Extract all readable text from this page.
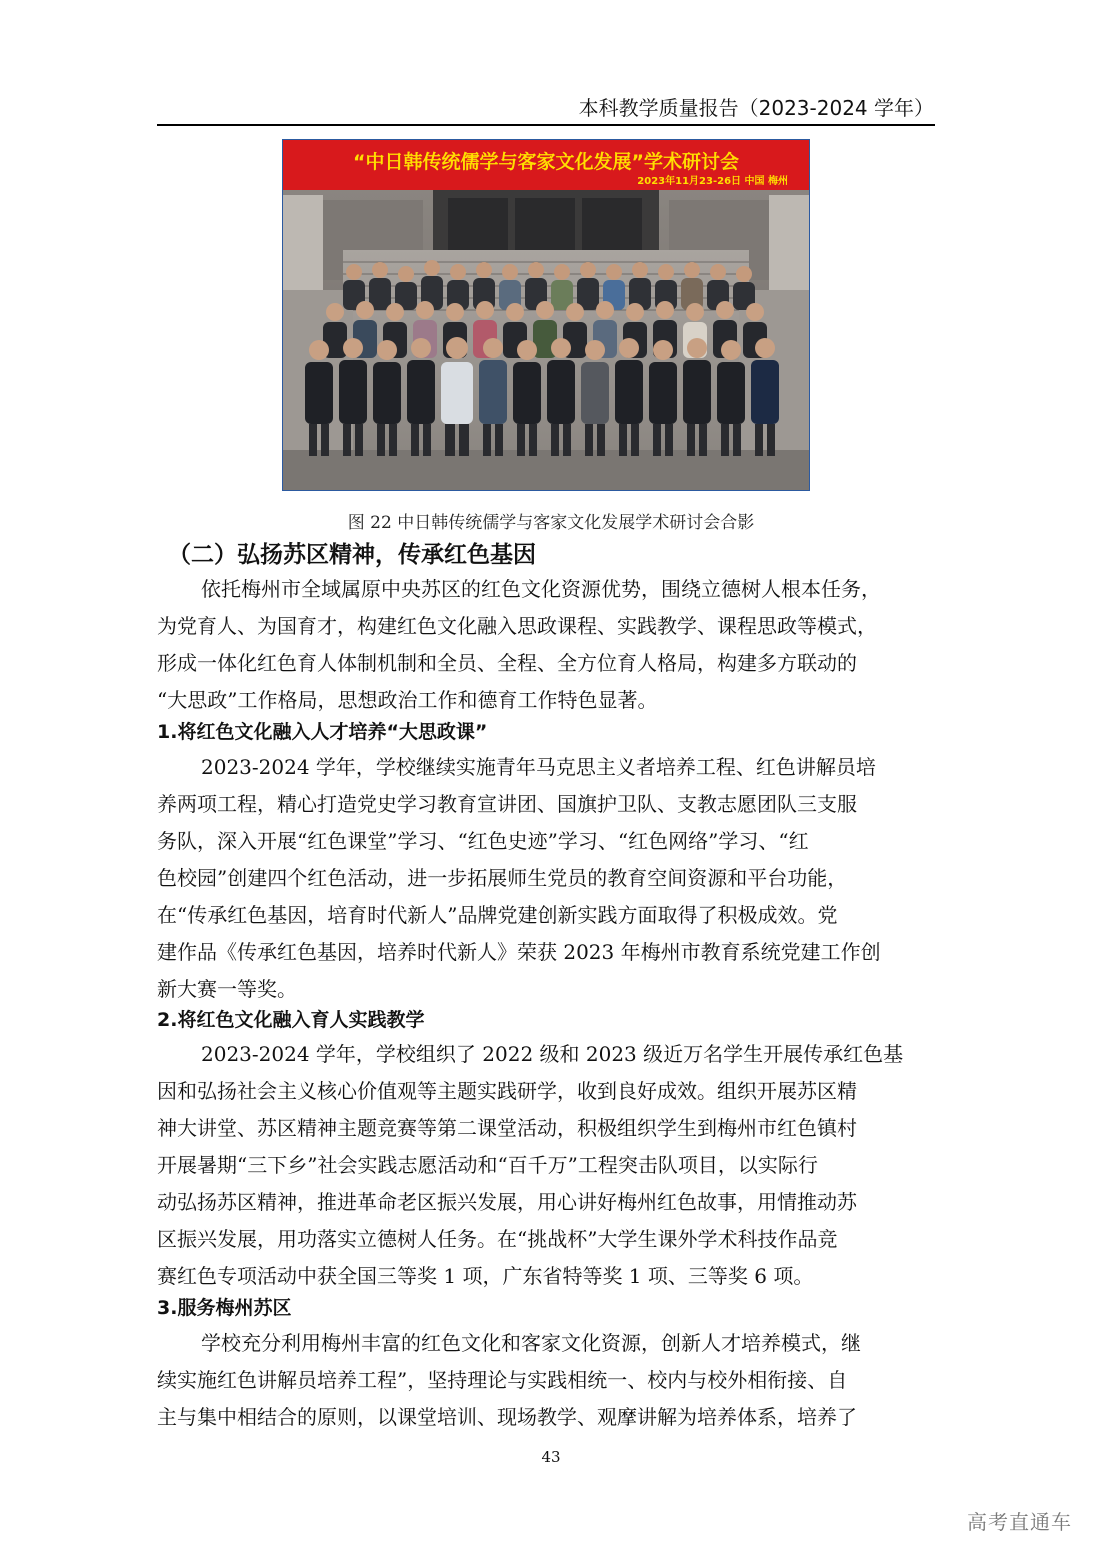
本科教学质量报告（2023-2024 学年）
“中日韩传统儒学与客家文化发展”学术研讨会
2023年11月23-26日 中国 梅州
图 22 中日韩传统儒学与客家文化发展学术研讨会合影
（二）弘扬苏区精神，传承红色基因
依托梅州市全域属原中央苏区的红色文化资源优势，围绕立德树人根本任务，
为党育人、为国育才，构建红色文化融入思政课程、实践教学、课程思政等模式，
形成一体化红色育人体制机制和全员、全程、全方位育人格局，构建多方联动的
“大思政”工作格局，思想政治工作和德育工作特色显著。
1.将红色文化融入人才培养“大思政课”
2023-2024 学年，学校继续实施青年马克思主义者培养工程、红色讲解员培
养两项工程，精心打造党史学习教育宣讲团、国旗护卫队、支教志愿团队三支服
务队，深入开展“红色课堂”学习、“红色史迹”学习、“红色网络”学习、“红
色校园”创建四个红色活动，进一步拓展师生党员的教育空间资源和平台功能，
在“传承红色基因，培育时代新人”品牌党建创新实践方面取得了积极成效。党
建作品《传承红色基因，培养时代新人》荣获 2023 年梅州市教育系统党建工作创
新大赛一等奖。
2.将红色文化融入育人实践教学
2023-2024 学年，学校组织了 2022 级和 2023 级近万名学生开展传承红色基
因和弘扬社会主义核心价值观等主题实践研学，收到良好成效。组织开展苏区精
神大讲堂、苏区精神主题竞赛等第二课堂活动，积极组织学生到梅州市红色镇村
开展暑期“三下乡”社会实践志愿活动和“百千万”工程突击队项目，以实际行
动弘扬苏区精神，推进革命老区振兴发展，用心讲好梅州红色故事，用情推动苏
区振兴发展，用功落实立德树人任务。在“挑战杯”大学生课外学术科技作品竞
赛红色专项活动中获全国三等奖 1 项，广东省特等奖 1 项、三等奖 6 项。
3.服务梅州苏区
学校充分利用梅州丰富的红色文化和客家文化资源，创新人才培养模式，继
续实施红色讲解员培养工程”，坚持理论与实践相统一、校内与校外相衔接、自
主与集中相结合的原则，以课堂培训、现场教学、观摩讲解为培养体系，培养了
43
高考直通车
